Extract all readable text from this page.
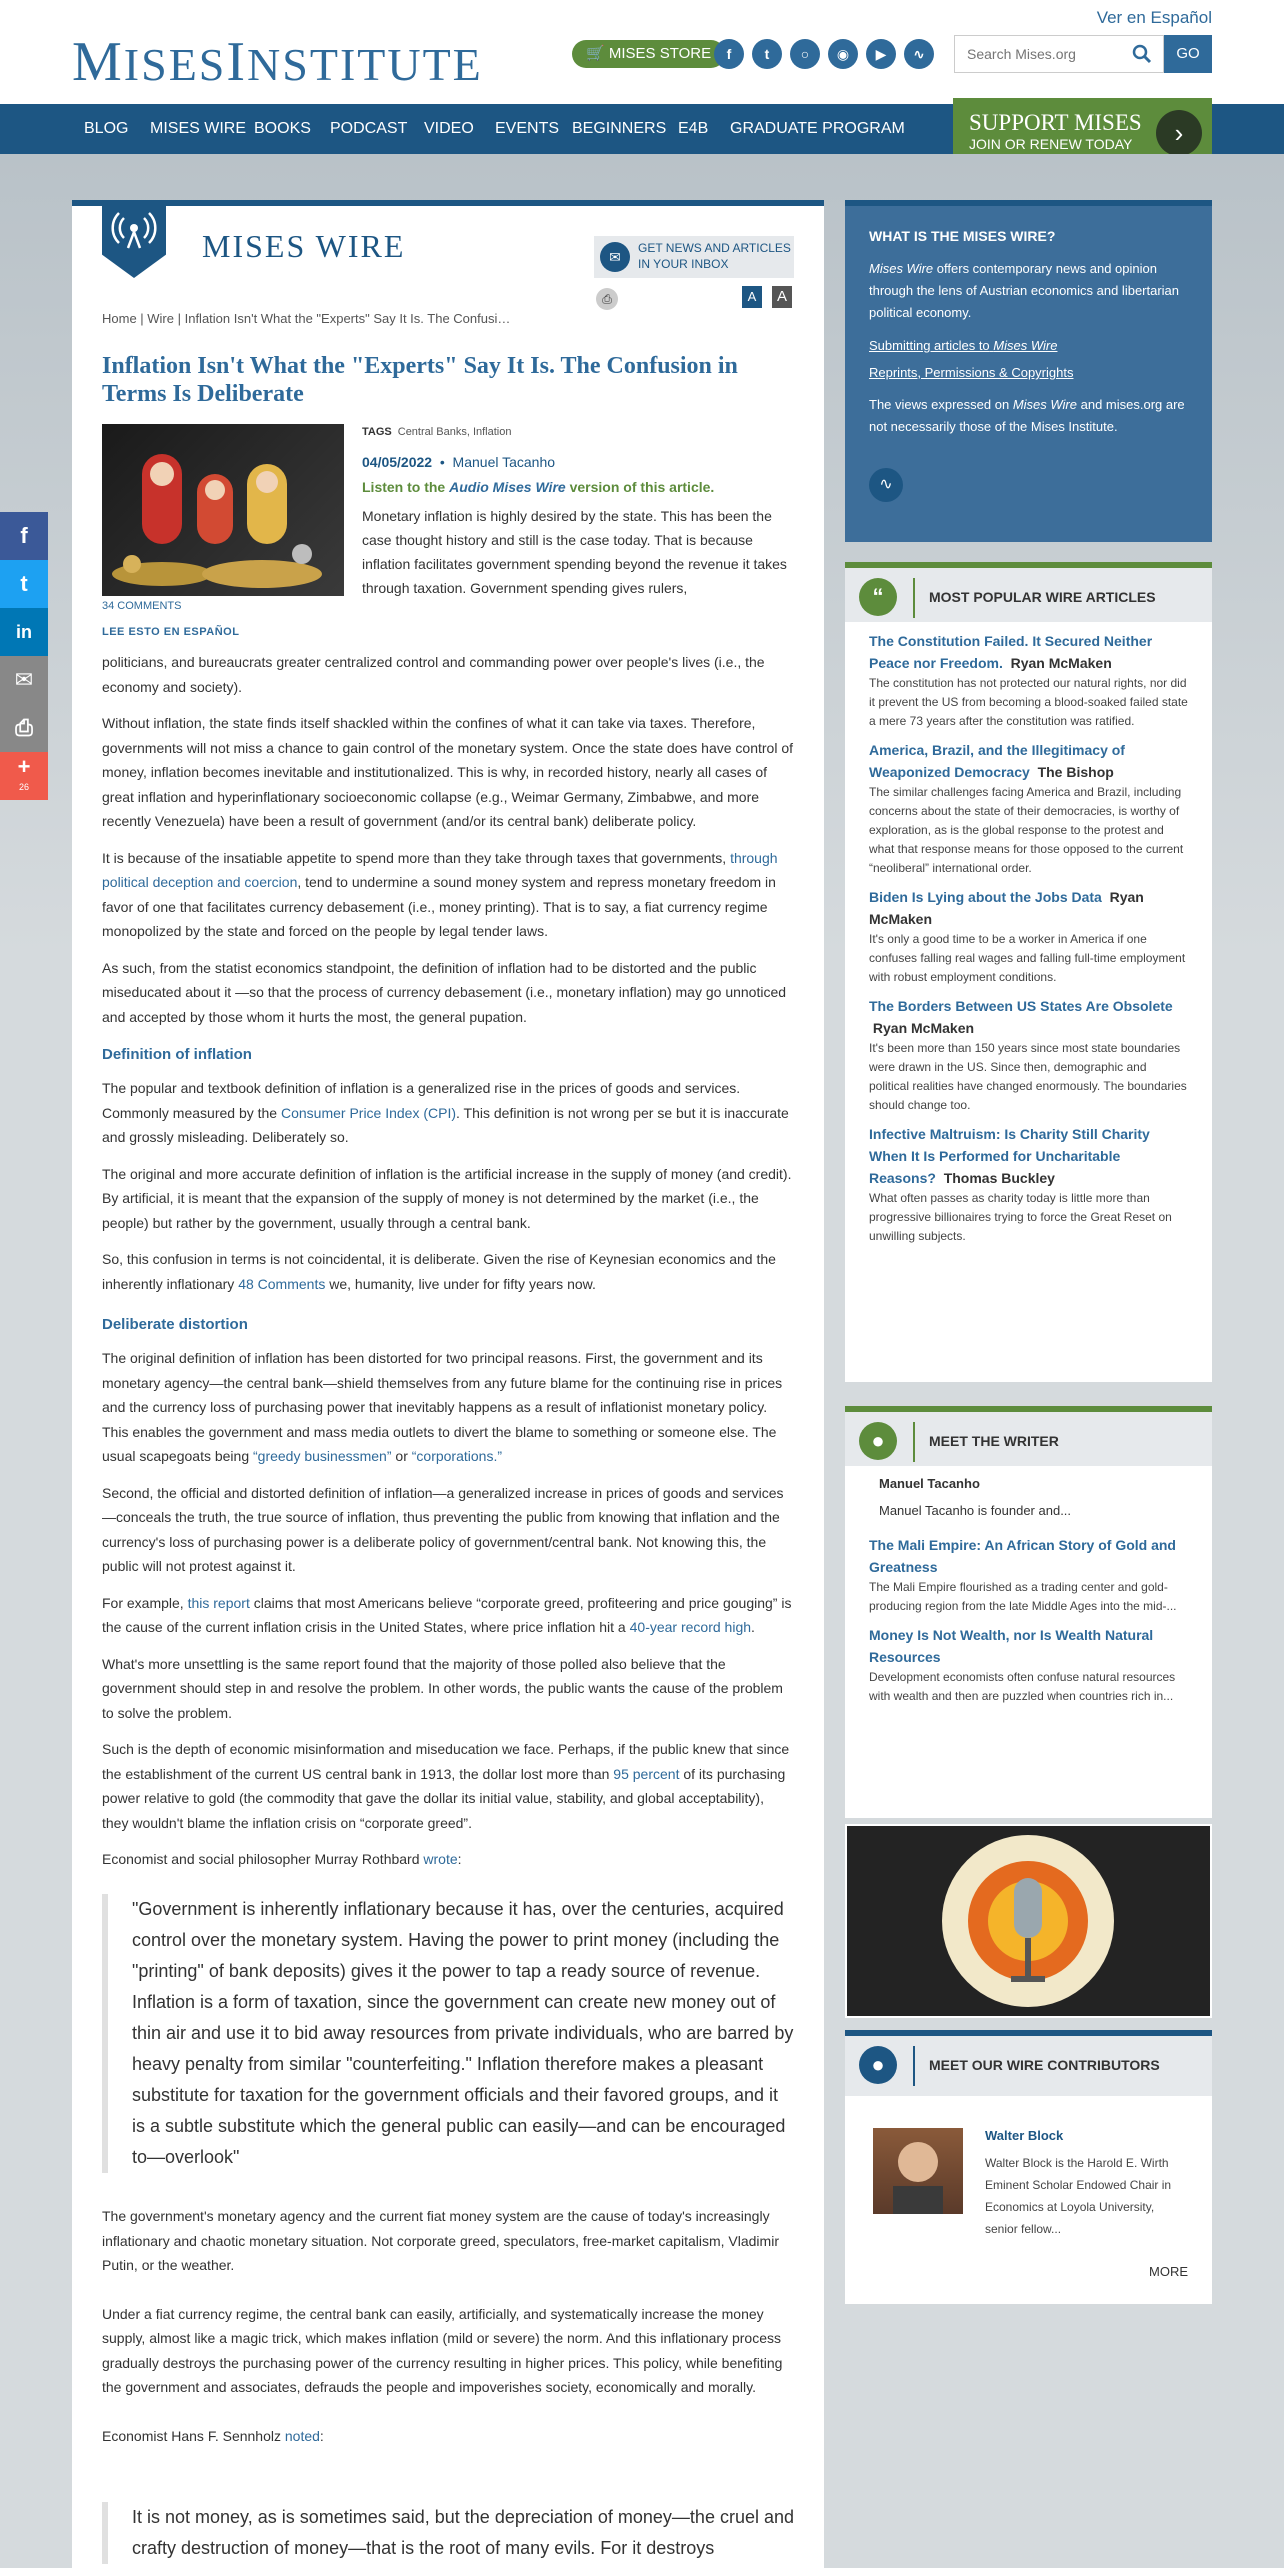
MISESINSTITUTE
Ver en Español
🛒 MISES STORE	f	t	○	◉	▶	∿
Search Mises.org	GO
BLOG MISES WIRE BOOKS PODCAST VIDEO EVENTS BEGINNERS E4B GRADUATE PROGRAM	SUPPORT MISES
JOIN OR RENEW TODAY	›
f
t
in
✉
⎙
+
26
MISES WIRE	✉
GET NEWS AND ARTICLES IN YOUR INBOX
⎙	A	A
Home | Wire | Inflation Isn't What the "Experts" Say It Is. The Confusi…
Inflation Isn't What the "Experts" Say It Is. The Confusion in Terms Is Deliberate
34 COMMENTS
LEE ESTO EN ESPAÑOL
TAGS Central Banks, Inflation
04/05/2022  •  Manuel Tacanho
Listen to the Audio Mises Wire version of this article.

Monetary inflation is highly desired by the state. This has been the case thought history and still is the case today. That is because inflation facilitates government spending beyond the revenue it takes through taxation. Government spending gives rulers,

politicians, and bureaucrats greater centralized control and commanding power over people's lives (i.e., the economy and society).

Without inflation, the state finds itself shackled within the confines of what it can take via taxes. Therefore, governments will not miss a chance to gain control of the monetary system. Once the state does have control of money, inflation becomes inevitable and institutionalized. This is why, in recorded history, nearly all cases of great inflation and hyperinflationary socioeconomic collapse (e.g., Weimar Germany, Zimbabwe, and more recently Venezuela) have been a result of government (and/or its central bank) deliberate policy.

It is because of the insatiable appetite to spend more than they take through taxes that governments, through political deception and coercion, tend to undermine a sound money system and repress monetary freedom in favor of one that facilitates currency debasement (i.e., money printing). That is to say, a fiat currency regime monopolized by the state and forced on the people by legal tender laws.

As such, from the statist economics standpoint, the definition of inflation had to be distorted and the public miseducated about it —so that the process of currency debasement (i.e., monetary inflation) may go unnoticed and accepted by those whom it hurts the most, the general pupation.

Definition of inflation

The popular and textbook definition of inflation is a generalized rise in the prices of goods and services. Commonly measured by the Consumer Price Index (CPI). This definition is not wrong per se but it is inaccurate and grossly misleading. Deliberately so.

The original and more accurate definition of inflation is the artificial increase in the supply of money (and credit). By artificial, it is meant that the expansion of the supply of money is not determined by the market (i.e., the people) but rather by the government, usually through a central bank.

So, this confusion in terms is not coincidental, it is deliberate. Given the rise of Keynesian economics and the inherently inflationary 48 Comments we, humanity, live under for fifty years now.

Deliberate distortion

The original definition of inflation has been distorted for two principal reasons. First, the government and its monetary agency—the central bank—shield themselves from any future blame for the continuing rise in prices and the currency loss of purchasing power that inevitably happens as a result of inflationist monetary policy. This enables the government and mass media outlets to divert the blame to something or someone else. The usual scapegoats being “greedy businessmen” or “corporations.”

Second, the official and distorted definition of inflation—a generalized increase in prices of goods and services—conceals the truth, the true source of inflation, thus preventing the public from knowing that inflation and the currency's loss of purchasing power is a deliberate policy of government/central bank. Not knowing this, the public will not protest against it.

For example, this report claims that most Americans believe “corporate greed, profiteering and price gouging” is the cause of the current inflation crisis in the United States, where price inflation hit a 40-year record high.

What's more unsettling is the same report found that the majority of those polled also believe that the government should step in and resolve the problem. In other words, the public wants the cause of the problem to solve the problem.

Such is the depth of economic misinformation and miseducation we face. Perhaps, if the public knew that since the establishment of the current US central bank in 1913, the dollar lost more than 95 percent of its purchasing power relative to gold (the commodity that gave the dollar its initial value, stability, and global acceptability), they wouldn't blame the inflation crisis on “corporate greed”.

Economist and social philosopher Murray Rothbard wrote:

"Government is inherently inflationary because it has, over the centuries, acquired control over the monetary system. Having the power to print money (including the "printing" of bank deposits) gives it the power to tap a ready source of revenue. Inflation is a form of taxation, since the government can create new money out of thin air and use it to bid away resources from private individuals, who are barred by heavy penalty from similar "counterfeiting." Inflation therefore makes a pleasant substitute for taxation for the government officials and their favored groups, and it is a subtle substitute which the general public can easily—and can be encouraged to—overlook"

The government's monetary agency and the current fiat money system are the cause of today's increasingly inflationary and chaotic monetary situation. Not corporate greed, speculators, free-market capitalism, Vladimir Putin, or the weather.

Under a fiat currency regime, the central bank can easily, artificially, and systematically increase the money supply, almost like a magic trick, which makes inflation (mild or severe) the norm. And this inflationary process gradually destroys the purchasing power of the currency resulting in higher prices. This policy, while benefiting the government and associates, defrauds the people and impoverishes society, economically and morally.

Economist Hans F. Sennholz noted:

It is not money, as is sometimes said, but the depreciation of money—the cruel and crafty destruction of money—that is the root of many evils. For it destroys
WHAT IS THE MISES WIRE?

Mises Wire offers contemporary news and opinion through the lens of Austrian economics and libertarian political economy.

Submitting articles to Mises Wire
Reprints, Permissions & Copyrights

The views expressed on Mises Wire and mises.org are not necessarily those of the Mises Institute.

∿
“	MOST POPULAR WIRE ARTICLES
The Constitution Failed. It Secured Neither Peace nor Freedom. Ryan McMaken
The constitution has not protected our natural rights, nor did it prevent the US from becoming a blood-soaked failed state a mere 73 years after the constitution was ratified.
America, Brazil, and the Illegitimacy of Weaponized Democracy The Bishop
The similar challenges facing America and Brazil, including concerns about the state of their democracies, is worthy of exploration, as is the global response to the protest and what that response means for those opposed to the current “neoliberal” international order.
Biden Is Lying about the Jobs Data Ryan McMaken
It's only a good time to be a worker in America if one confuses falling real wages and falling full-time employment with robust employment conditions.
The Borders Between US States Are Obsolete  Ryan McMaken
It's been more than 150 years since most state boundaries were drawn in the US. Since then, demographic and political realities have changed enormously. The boundaries should change too.
Infective Maltruism: Is Charity Still Charity When It Is Performed for Uncharitable Reasons? Thomas Buckley
What often passes as charity today is little more than progressive billionaires trying to force the Great Reset on unwilling subjects.
●	MEET THE WRITER
Manuel Tacanho

Manuel Tacanho is founder and...

The Mali Empire: An African Story of Gold and Greatness
The Mali Empire flourished as a trading center and gold-producing region from the late Middle Ages into the mid-...
Money Is Not Wealth, nor Is Wealth Natural Resources
Development economists often confuse natural resources with wealth and then are puzzled when countries rich in...
THE HUMAN ACTION PODCAST
●	MEET OUR WIRE CONTRIBUTORS
Walter Block

Walter Block is the Harold E. Wirth Eminent Scholar Endowed Chair in Economics at Loyola University, senior fellow...

MORE
